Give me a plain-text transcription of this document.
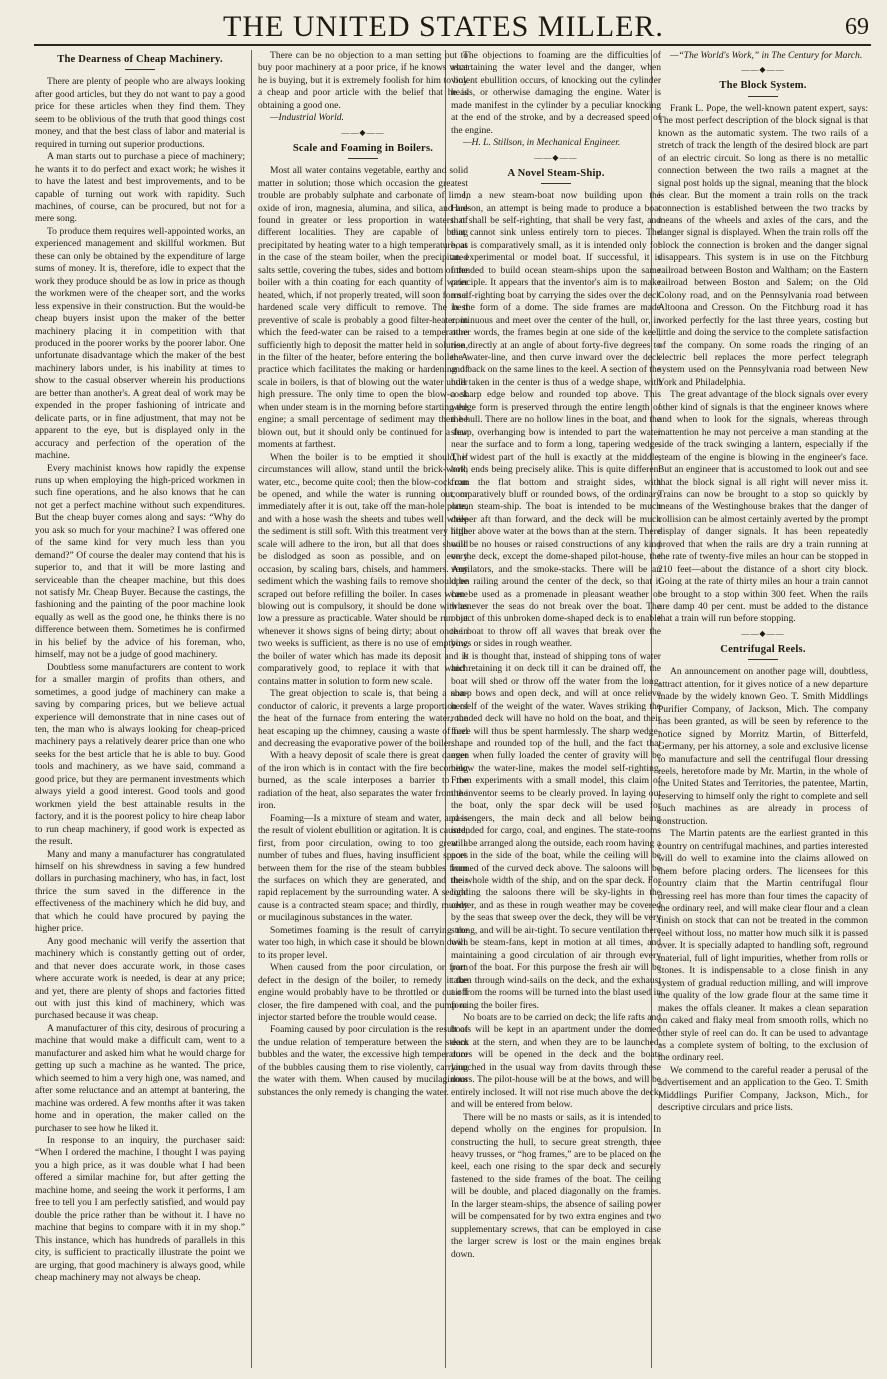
THE UNITED STATES MILLER.	69
The Dearness of Cheap Machinery.

There are plenty of people who are always looking after good articles, but they do not want to pay a good price for these articles when they find them. They seem to be oblivious of the truth that good things cost money, and that the best class of labor and material is required in turning out superior productions.

A man starts out to purchase a piece of machinery; he wants it to do perfect and exact work; he wishes it to have the latest and best improvements, and to be capable of turning out work with rapidity. Such machines, of course, can be procured, but not for a mere song.

To produce them requires well-appointed works, an experienced management and skillful workmen. But these can only be obtained by the expenditure of large sums of money. It is, therefore, idle to expect that the work they produce should be as low in price as though the workmen were of the cheaper sort, and the works less expensive in their construction. But the would-be cheap buyers insist upon the maker of the better machinery placing it in competition with that produced in the poorer works by the poorer labor. One unfortunate disadvantage which the maker of the best machinery labors under, is his inability at times to show to the casual observer wherein his productions are better than another's. A great deal of work may be expended in the proper fashioning of intricate and delicate parts, or in fine adjustment, that may not be apparent to the eye, but is displayed only in the accuracy and perfection of the operation of the machine.

Every machinist knows how rapidly the expense runs up when employing the high-priced workmen in such fine operations, and he also knows that he can not get a perfect machine without such expenditures. But the cheap buyer comes along and says: “Why do you ask so much for your machine? I was offered one of the same kind for very much less than you demand?” Of course the dealer may contend that his is superior to, and that it will be more lasting and serviceable than the cheaper machine, but this does not satisfy Mr. Cheap Buyer. Because the castings, the fashioning and the painting of the poor machine look equally as well as the good one, he thinks there is no difference between them. Sometimes he is confirmed in his belief by the advice of his foreman, who, himself, may not be a judge of good machinery.

Doubtless some manufacturers are content to work for a smaller margin of profits than others, and sometimes, a good judge of machinery can make a saving by comparing prices, but we believe actual experience will demonstrate that in nine cases out of ten, the man who is always looking for cheap-priced machinery pays a relatively dearer price than one who seeks for the best article that he is able to buy. Good tools and machinery, as we have said, command a good price, but they are permanent investments which always yield a good interest. Good tools and good workmen yield the best attainable results in the factory, and it is the poorest policy to hire cheap labor to run cheap machinery, if good work is expected as the result.

Many and many a manufacturer has congratulated himself on his shrewdness in saving a few hundred dollars in purchasing machinery, who has, in fact, lost thrice the sum saved in the difference in the effectiveness of the machinery which he did buy, and that which he could have procured by paying the higher price.

Any good mechanic will verify the assertion that machinery which is constantly getting out of order, and that never does accurate work, in those cases where accurate work is needed, is dear at any price; and yet, there are plenty of shops and factories fitted out with just this kind of machinery, which was purchased because it was cheap.

A manufacturer of this city, desirous of procuring a machine that would make a difficult cam, went to a manufacturer and asked him what he would charge for getting up such a machine as he wanted. The price, which seemed to him a very high one, was named, and after some reluctance and an attempt at bantering, the machine was ordered. A few months after it was taken home and in operation, the maker called on the purchaser to see how he liked it.

In response to an inquiry, the purchaser said: “When I ordered the machine, I thought I was paying you a high price, as it was double what I had been offered a similar machine for, but after getting the machine home, and seeing the work it performs, I am free to tell you I am perfectly satisfied, and would pay double the price rather than be without it. I have no machine that begins to compare with it in my shop.” This instance, which has hundreds of parallels in this city, is sufficient to practically illustrate the point we are urging, that good machinery is always good, while cheap machinery may not always be cheap.

There can be no objection to a man setting out to buy poor machinery at a poor price, if he knows what he is buying, but it is extremely foolish for him to buy a cheap and poor article with the belief that he is obtaining a good one.

—Industrial World.

——◆——
Scale and Foaming in Boilers.

Most all water contains vegetable, earthy and solid matter in solution; those which occasion the greatest trouble are probably sulphate and carbonate of lime, oxide of iron, magnesia, alumina, and silica, and are found in greater or less proportion in waters of different localities. They are capable of being precipitated by heating water to a high temperature, as in the case of the steam boiler, when the precipitated salts settle, covering the tubes, sides and bottom of the boiler with a thin coating for each quantity of water heated, which, if not properly treated, will soon form a hardened scale very difficult to remove. The best preventive of scale is probably a good filter-heater, in which the feed-water can be raised to a temperature sufficiently high to deposit the matter held in solution, in the filter of the heater, before entering the boiler. A practice which facilitates the making or hardening of scale in boilers, is that of blowing out the water under high pressure. The only time to open the blow-cock when under steam is in the morning before starting the engine; a small percentage of sediment may then be blown out, but it should only be continued for a few moments at farthest.

When the boiler is to be emptied it should, if circumstances will allow, stand until the brick-work, water, etc., become quite cool; then the blow-cock can be opened, and while the water is running out, or immediately after it is out, take off the man-hole plate, and with a hose wash the sheets and tubes well while the sediment is still soft. With this treatment very little scale will adhere to the iron, but all that does should be dislodged as soon as possible, and on every occasion, by scaling bars, chisels, and hammers. Any sediment which the washing fails to remove should be scraped out before refilling the boiler. In cases where blowing out is compulsory, it should be done with as low a pressure as practicable. Water should be run out whenever it shows signs of being dirty; about once in two weeks is sufficient, as there is no use of emptying the boiler of water which has made its deposit and is comparatively good, to replace it with that which contains matter in solution to form new scale.

The great objection to scale is, that being a non-conductor of caloric, it prevents a large proportion of the heat of the furnace from entering the water, the heat escaping up the chimney, causing a waste of fuel and decreasing the evaporative power of the boiler.

With a heavy deposit of scale there is great danger of the iron which is in contact with the fire becoming burned, as the scale interposes a barrier to the radiation of the heat, also separates the water from the iron.

Foaming—Is a mixture of steam and water, and is the result of violent ebullition or agitation. It is caused, first, from poor circulation, owing to too great a number of tubes and flues, having insufficient spaces between them for the rise of the steam bubbles from the surfaces on which they are generated, and their rapid replacement by the surrounding water. A second cause is a contracted steam space; and thirdly, muddy or mucilaginous substances in the water.

Sometimes foaming is the result of carrying the water too high, in which case it should be blown down to its proper level.

When caused from the poor circulation, or from defect in the design of the boiler, to remedy it the engine would probably have to be throttled or cut off closer, the fire dampened with coal, and the pump or injector started before the trouble would cease.

Foaming caused by poor circulation is the result of the undue relation of temperature between the steam bubbles and the water, the excessive high temperature of the bubbles causing them to rise violently, carrying the water with them. When caused by mucilaginous substances the only remedy is changing the water.

The objections to foaming are the difficulties of ascertaining the water level and the danger, when violent ebullition occurs, of knocking out the cylinder heads, or otherwise damaging the engine. Water is made manifest in the cylinder by a peculiar knocking at the end of the stroke, and by a decreased speed of the engine.

—H. L. Stillson, in Mechanical Engineer.

——◆——
A Novel Steam-Ship.

In a new steam-boat now building upon the Hudson, an attempt is being made to produce a boat that shall be self-righting, that shall be very fast, and that cannot sink unless entirely torn to pieces. The boat is comparatively small, as it is intended only for an experimental or model boat. If successful, it is intended to build ocean steam-ships upon the same principle. It appears that the inventor's aim is to make a self-righting boat by carrying the sides over the deck in the form of a dome. The side frames are made continuous and meet over the center of the hull, or, in other words, the frames begin at one side of the keel, rise directly at an angle of about forty-five degrees to the water-line, and then curve inward over the deck and back on the same lines to the keel. A section of the hull taken in the center is thus of a wedge shape, with a sharp edge below and rounded top above. This wedge form is preserved through the entire length of the hull. There are no hollow lines in the boat, and the sharp, overhanging bow is intended to part the water near the surface and to form a long, tapering wedge. The widest part of the hull is exactly at the middle, both ends being precisely alike. This is quite different from the flat bottom and straight sides, with comparatively bluff or rounded bows, of the ordinary ocean steam-ship. The boat is intended to be much deeper aft than forward, and the deck will be much higher above water at the bows than at the stern. There will be no houses or raised constructions of any kind on the deck, except the dome-shaped pilot-house, the ventilators, and the smoke-stacks. There will be an open railing around the center of the deck, so that it can be used as a promenade in pleasant weather or whenever the seas do not break over the boat. The object of this unbroken dome-shaped deck is to enable the boat to throw off all waves that break over the bows or sides in rough weather.

It is thought that, instead of shipping tons of water and retaining it on deck till it can be drained off, the boat will shed or throw off the water from the long, sharp bows and open deck, and will at once relieve herself of the weight of the water. Waves striking the rounded deck will have no hold on the boat, and their force will thus be spent harmlessly. The sharp wedge-shape and rounded top of the hull, and the fact that even when fully loaded the center of gravity will be below the water-line, makes the model self-righting. From experiments with a small model, this claim of the inventor seems to be clearly proved. In laying out the boat, only the spar deck will be used for passengers, the main deck and all below being intended for cargo, coal, and engines. The state-rooms will be arranged along the outside, each room having a port in the side of the boat, while the ceiling will be formed of the curved deck above. The saloons will be the whole width of the ship, and on the spar deck. For lighting the saloons there will be sky-lights in the center, and as these in rough weather may be covered by the seas that sweep over the deck, they will be very strong, and will be air-tight. To secure ventilation there will be steam-fans, kept in motion at all times, and maintaining a good circulation of air through every part of the boat. For this purpose the fresh air will be taken through wind-sails on the deck, and the exhaust air from the rooms will be turned into the blast used in forcing the boiler fires.

No boats are to be carried on deck; the life rafts and boats will be kept in an apartment under the domed deck at the stern, and when they are to be launched, doors will be opened in the deck and the boats launched in the usual way from davits through these doors. The pilot-house will be at the bows, and will be entirely inclosed. It will not rise much above the deck, and will be entered from below.

There will be no masts or sails, as it is intended to depend wholly on the engines for propulsion. In constructing the hull, to secure great strength, three heavy trusses, or “hog frames,” are to be placed on the keel, each one rising to the spar deck and securely fastened to the side frames of the boat. The ceiling will be double, and placed diagonally on the frames. In the larger steam-ships, the absence of sailing power will be compensated for by two extra engines and two supplementary screws, that can be employed in case the larger screw is lost or the main engines break down.

—“The World's Work,” in The Century for March.

——◆——
The Block System.

Frank L. Pope, the well-known patent expert, says: The most perfect description of the block signal is that known as the automatic system. The two rails of a stretch of track the length of the desired block are part of an electric circuit. So long as there is no metallic connection between the two rails a magnet at the signal post holds up the signal, meaning that the block is clear. But the moment a train rolls on the track connection is established between the two tracks by means of the wheels and axles of the cars, and the danger signal is displayed. When the train rolls off the block the connection is broken and the danger signal disappears. This system is in use on the Fitchburg railroad between Boston and Waltham; on the Eastern railroad between Boston and Salem; on the Old Colony road, and on the Pennsylvania road between Altoona and Cresson. On the Fitchburg road it has worked perfectly for the last three years, costing but little and doing the service to the complete satisfaction of the company. On some roads the ringing of an electric bell replaces the more perfect telegraph system used on the Pennsylvania road between New York and Philadelphia.

The great advantage of the block signals over every other kind of signals is that the engineer knows where and when to look for the signals, whereas through inattention he may not perceive a man standing at the side of the track swinging a lantern, especially if the steam of the engine is blowing in the engineer's face. But an engineer that is accustomed to look out and see that the block signal is all right will never miss it. Trains can now be brought to a stop so quickly by means of the Westinghouse brakes that the danger of collision can be almost certainly averted by the prompt display of danger signals. It has been repeatedly proved that when the rails are dry a train running at the rate of twenty-five miles an hour can be stopped in 210 feet—about the distance of a short city block. Going at the rate of thirty miles an hour a train cannot be brought to a stop within 300 feet. When the rails are damp 40 per cent. must be added to the distance that a train will run before stopping.

——◆——
Centrifugal Reels.

An announcement on another page will, doubtless, attract attention, for it gives notice of a new departure made by the widely known Geo. T. Smith Middlings Purifier Company, of Jackson, Mich. The company has been granted, as will be seen by reference to the notice signed by Morritz Martin, of Bitterfeld, Germany, per his attorney, a sole and exclusive license to manufacture and sell the centrifugal flour dressing reels, heretofore made by Mr. Martin, in the whole of the United States and Territories, the patentee, Martin, reserving to himself only the right to complete and sell such machines as are already in process of construction.

The Martin patents are the earliest granted in this country on centrifugal machines, and parties interested will do well to examine into the claims allowed on them before placing orders. The licensees for this country claim that the Martin centrifugal flour dressing reel has more than four times the capacity of the ordinary reel, and will make clear flour and a clean finish on stock that can not be treated in the common reel without loss, no matter how much silk it is passed over. It is specially adapted to handling soft, reground material, full of light impurities, whether from rolls or stones. It is indispensable to a close finish in any system of gradual reduction milling, and will improve the quality of the low grade flour at the same time it makes the offals cleaner. It makes a clean separation on caked and flaky meal from smooth rolls, which no other style of reel can do. It can be used to advantage as a complete system of bolting, to the exclusion of the ordinary reel.

We commend to the careful reader a perusal of the advertisement and an application to the Geo. T. Smith Middlings Purifier Company, Jackson, Mich., for descriptive circulars and price lists.
